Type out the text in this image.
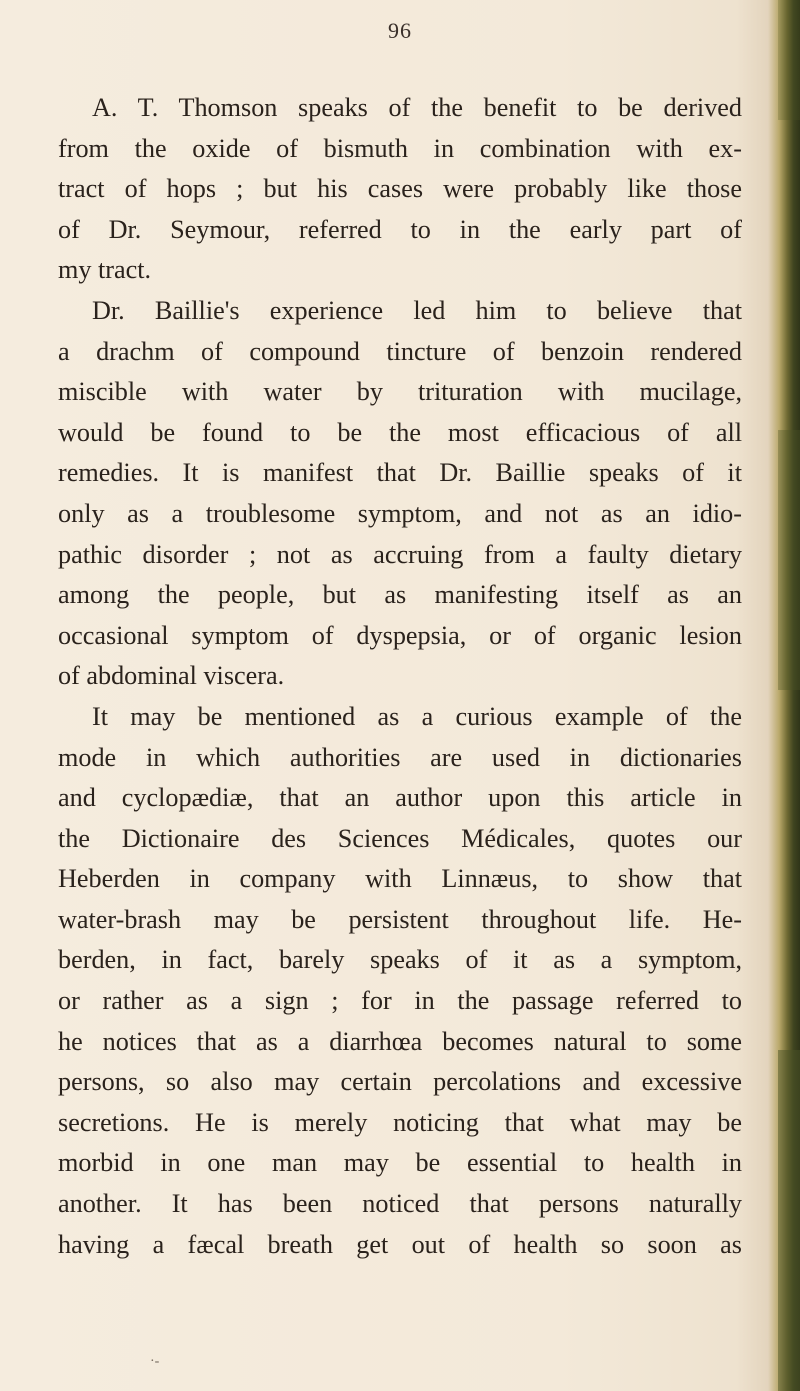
96
A. T. Thomson speaks of the benefit to be derived
from the oxide of bismuth in combination with ex-
tract of hops ; but his cases were probably like those
of Dr. Seymour, referred to in the early part of
my tract.
Dr. Baillie's experience led him to believe that
a drachm of compound tincture of benzoin rendered
miscible with water by trituration with mucilage,
would be found to be the most efficacious of all
remedies. It is manifest that Dr. Baillie speaks of it
only as a troublesome symptom, and not as an idio-
pathic disorder ; not as accruing from a faulty dietary
among the people, but as manifesting itself as an
occasional symptom of dyspepsia, or of organic lesion
of abdominal viscera.
It may be mentioned as a curious example of the
mode in which authorities are used in dictionaries
and cyclopædiæ, that an author upon this article in
the Dictionaire des Sciences Médicales, quotes our
Heberden in company with Linnæus, to show that
water-brash may be persistent throughout life. He-
berden, in fact, barely speaks of it as a symptom,
or rather as a sign ; for in the passage referred to
he notices that as a diarrhœa becomes natural to some
persons, so also may certain percolations and excessive
secretions. He is merely noticing that what may be
morbid in one man may be essential to health in
another. It has been noticed that persons naturally
having a fæcal breath get out of health so soon as
·-
